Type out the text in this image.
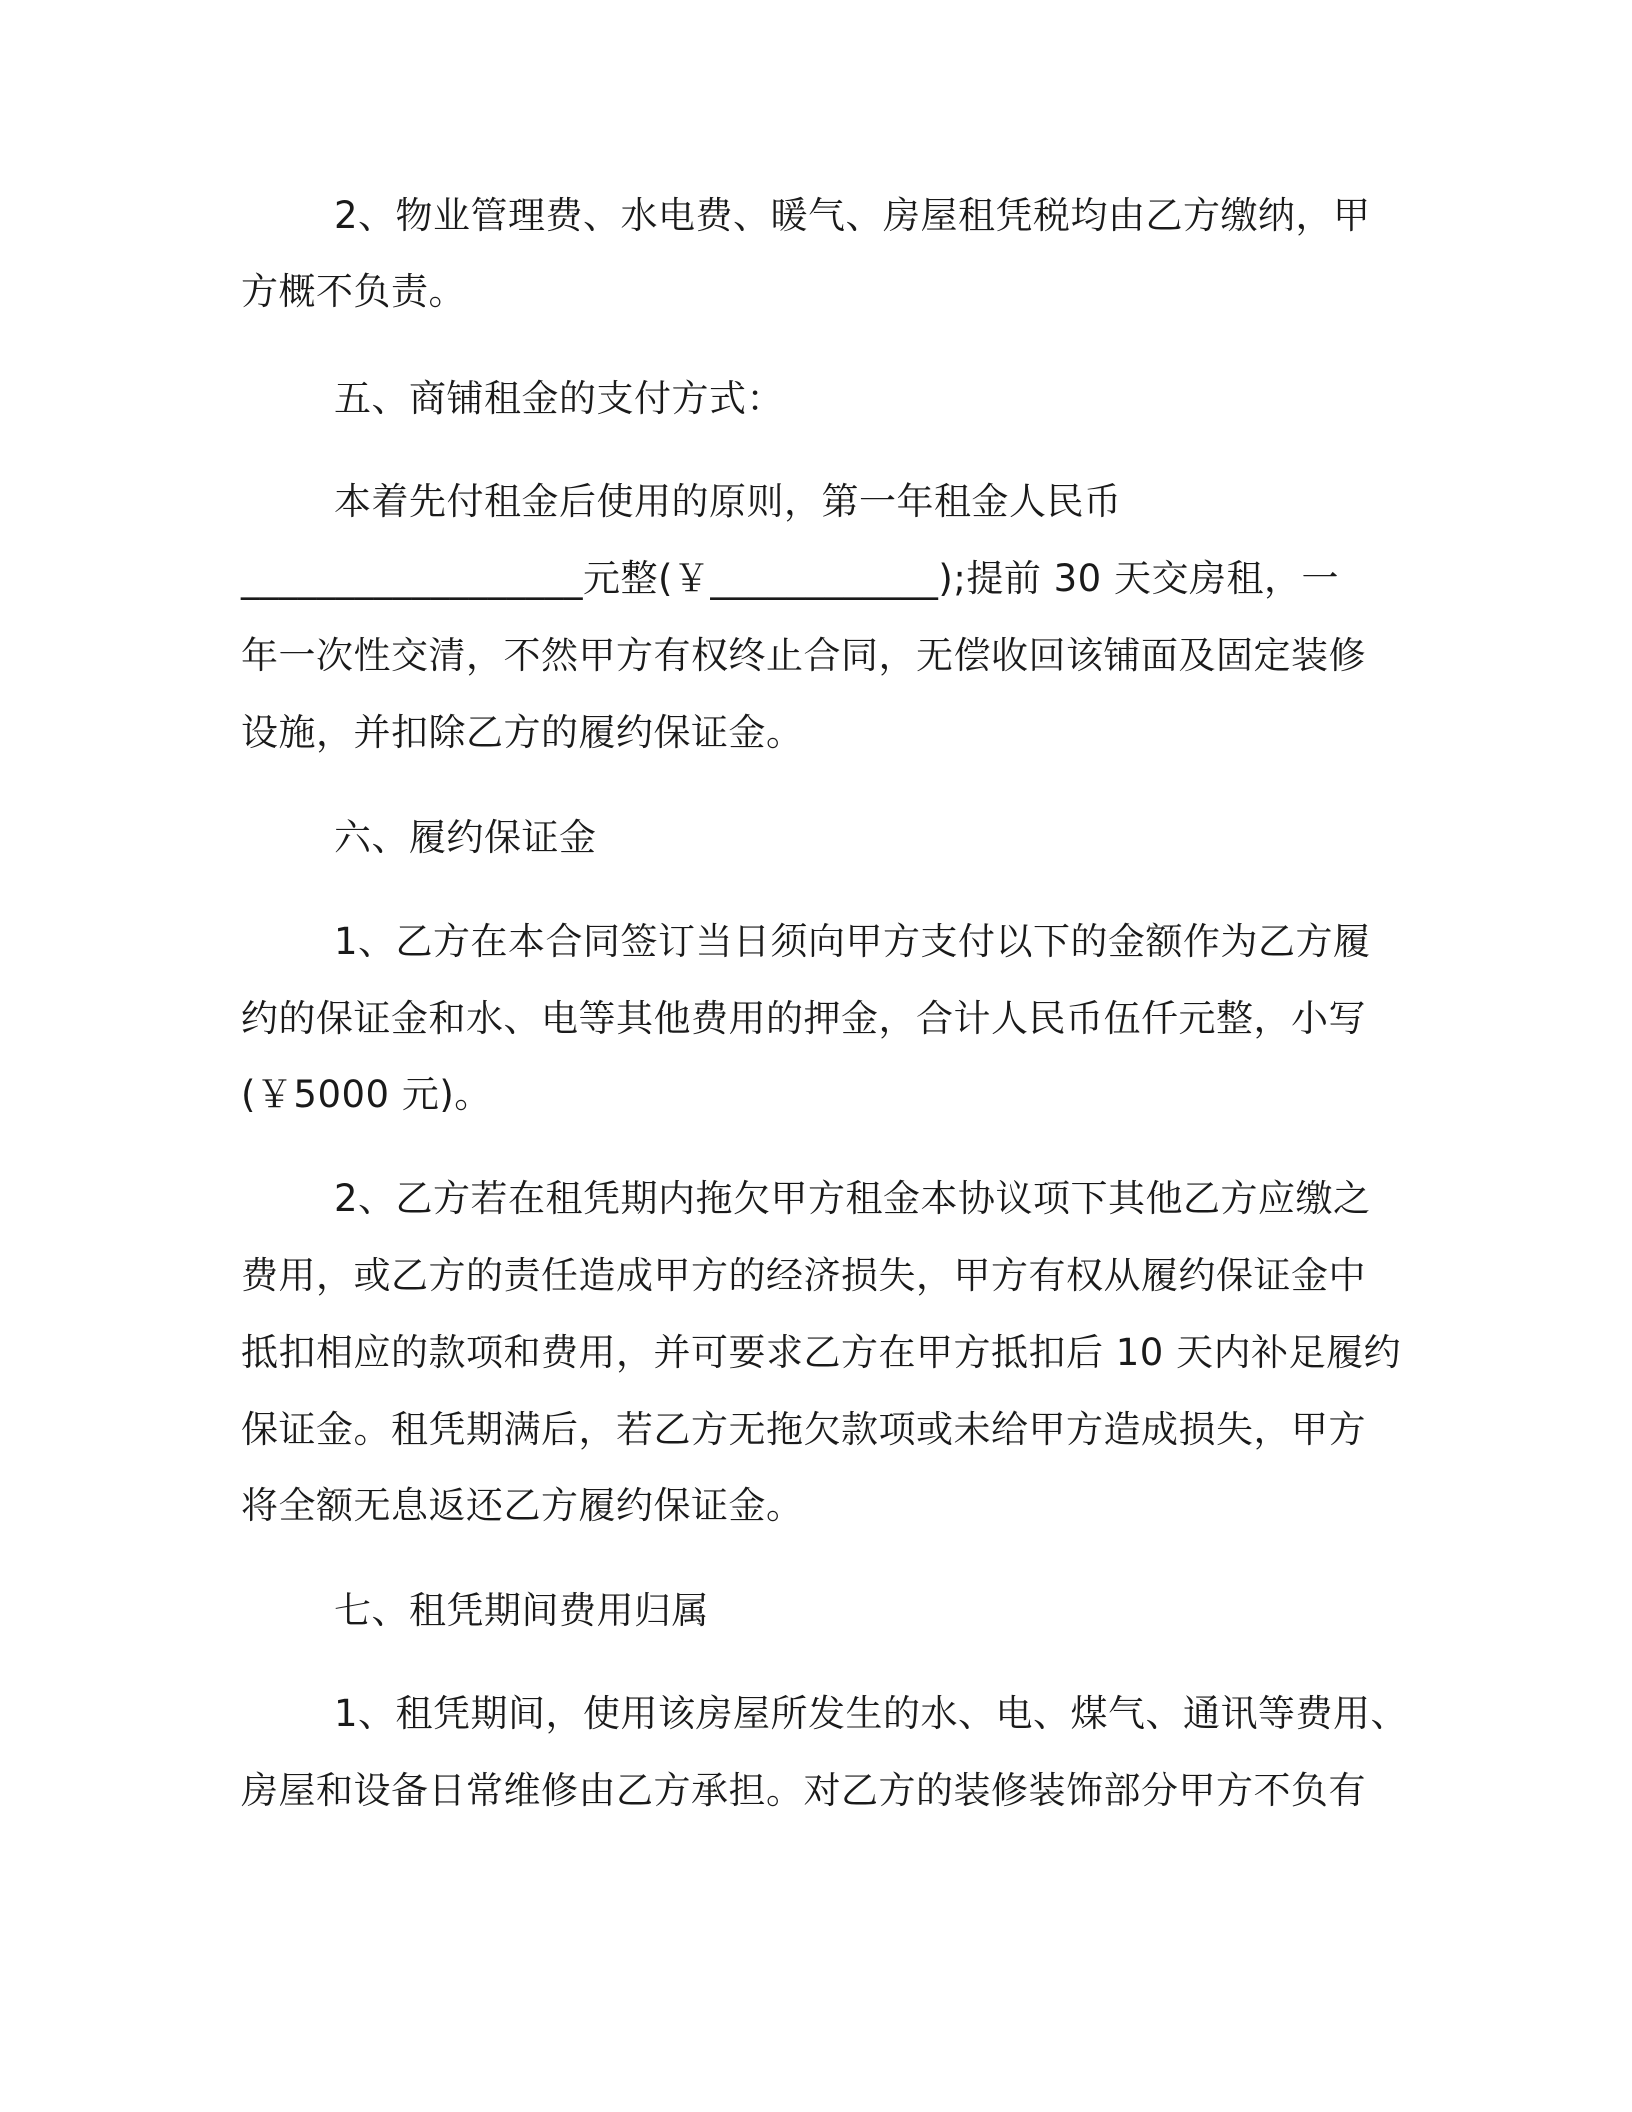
2、物业管理费、水电费、暖气、房屋租凭税均由乙方缴纳，甲
方概不负责。
五、商铺租金的支付方式：
本着先付租金后使用的原则，第一年租金人民币
__________________元整(￥____________);提前 30 天交房租，一
年一次性交清，不然甲方有权终止合同，无偿收回该铺面及固定装修
设施，并扣除乙方的履约保证金。
六、履约保证金
1、乙方在本合同签订当日须向甲方支付以下的金额作为乙方履
约的保证金和水、电等其他费用的押金，合计人民币伍仟元整，小写
(￥5000 元)。
2、乙方若在租凭期内拖欠甲方租金本协议项下其他乙方应缴之
费用，或乙方的责任造成甲方的经济损失，甲方有权从履约保证金中
抵扣相应的款项和费用，并可要求乙方在甲方抵扣后 10 天内补足履约
保证金。租凭期满后，若乙方无拖欠款项或未给甲方造成损失，甲方
将全额无息返还乙方履约保证金。
七、租凭期间费用归属
1、租凭期间，使用该房屋所发生的水、电、煤气、通讯等费用、
房屋和设备日常维修由乙方承担。对乙方的装修装饰部分甲方不负有
